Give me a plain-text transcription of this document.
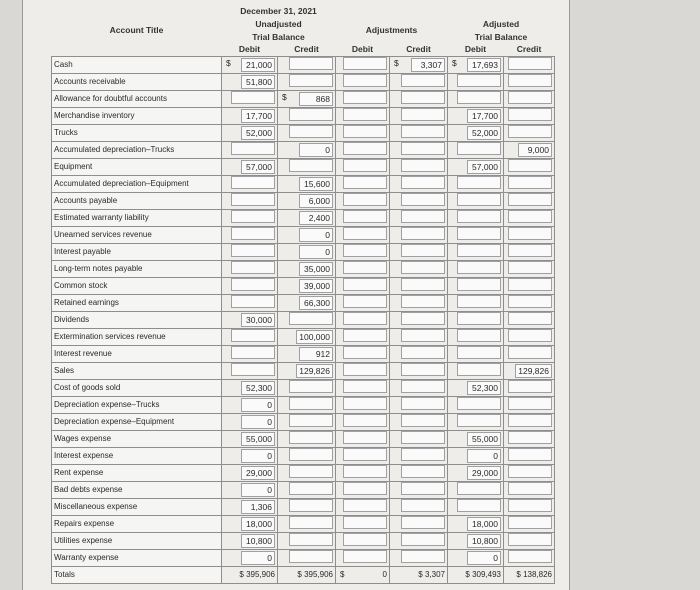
	December 31, 2021					
Account Title	Unadjusted		Adjustments		Adjusted	
	Trial Balance				Trial Balance	
	Debit	Credit	Debit	Credit	Debit	Credit
Cash	$ 21,000			$ 3,307	$ 17,693	
Accounts receivable	51,800					
Allowance for doubtful accounts		$ 868				
Merchandise inventory	17,700				17,700	
Trucks	52,000				52,000	
Accumulated depreciation–Trucks		0				9,000
Equipment	57,000				57,000	
Accumulated depreciation–Equipment		15,600				
Accounts payable		6,000				
Estimated warranty liability		2,400				
Unearned services revenue		0				
Interest payable		0				
Long-term notes payable		35,000				
Common stock		39,000				
Retained earnings		66,300				
Dividends	30,000					
Extermination services revenue		100,000				
Interest revenue		912				
Sales		129,826				129,826
Cost of goods sold	52,300				52,300	
Depreciation expense–Trucks	0					
Depreciation expense–Equipment	0					
Wages expense	55,000				55,000	
Interest expense	0				0	
Rent expense	29,000				29,000	
Bad debts expense	0					
Miscellaneous expense	1,306					
Repairs expense	18,000				18,000	
Utilities expense	10,800				10,800	
Warranty expense	0				0	
Totals	$ 395,906	$ 395,906	$ 0	$ 3,307	$ 309,493	$ 138,826
